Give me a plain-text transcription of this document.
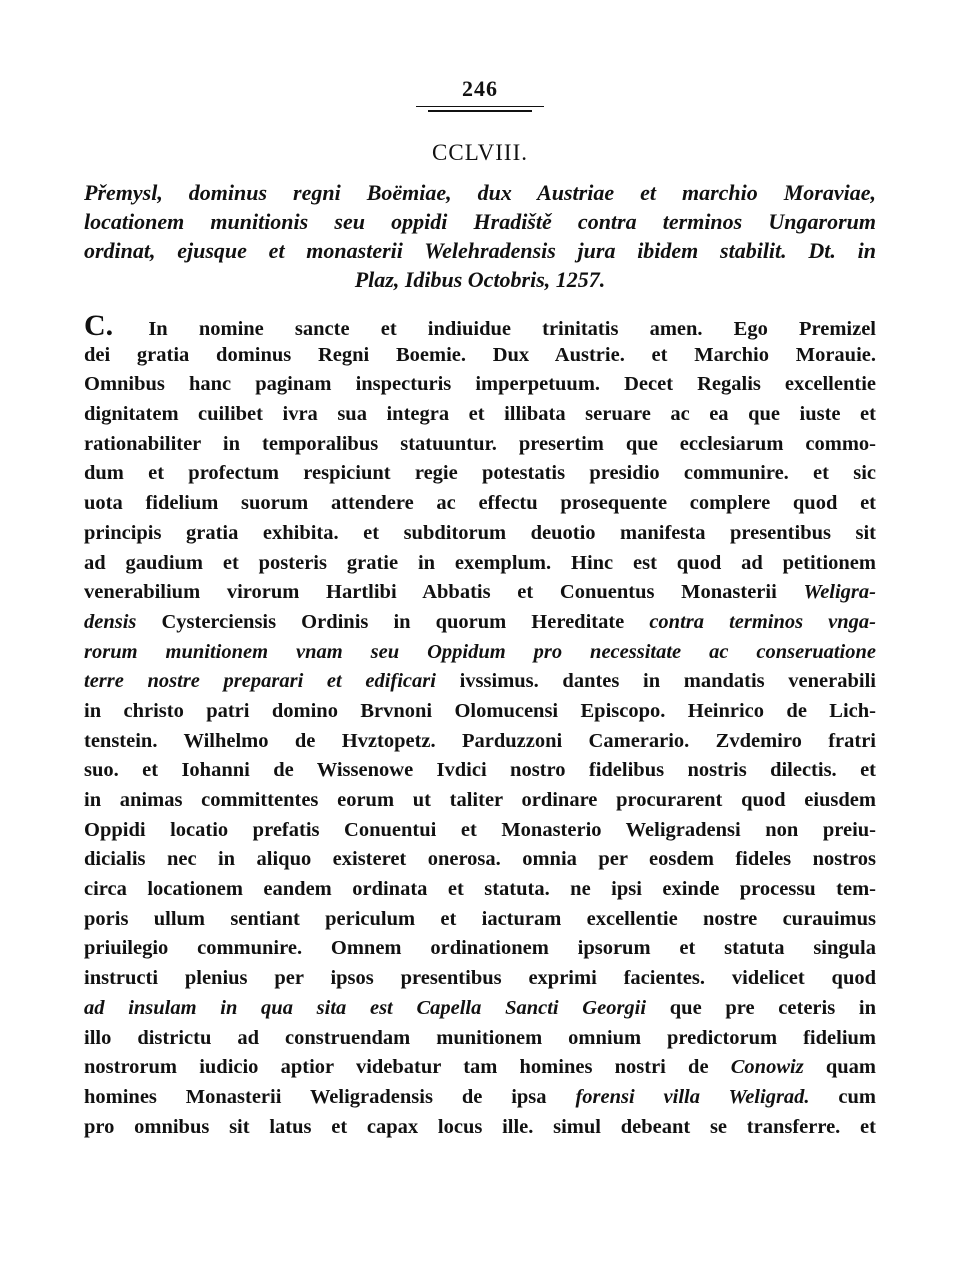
246
CCLVIII.
Přemysl, dominus regni Boëmiae, dux Austriae et marchio Moraviae,
locationem munitionis seu oppidi Hradiště contra terminos Ungarorum
ordinat, ejusque et monasterii Welehradensis jura ibidem stabilit. Dt. in
Plaz, Idibus Octobris, 1257.
C. In nomine sancte et indiuidue trinitatis amen. Ego Premizel
dei gratia dominus Regni Boemie. Dux Austrie. et Marchio Morauie.
Omnibus hanc paginam inspecturis imperpetuum. Decet Regalis excellentie
dignitatem cuilibet ivra sua integra et illibata seruare ac ea que iuste et
rationabiliter in temporalibus statuuntur. presertim que ecclesiarum commo-
dum et profectum respiciunt regie potestatis presidio communire. et sic
uota fidelium suorum attendere ac effectu prosequente complere quod et
principis gratia exhibita. et subditorum deuotio manifesta presentibus sit
ad gaudium et posteris gratie in exemplum. Hinc est quod ad petitionem
venerabilium virorum Hartlibi Abbatis et Conuentus Monasterii Weligra-
densis Cysterciensis Ordinis in quorum Hereditate contra terminos vnga-
rorum munitionem vnam seu Oppidum pro necessitate ac conseruatione
terre nostre preparari et edificari ivssimus. dantes in mandatis venerabili
in christo patri domino Brvnoni Olomucensi Episcopo. Heinrico de Lich-
tenstein. Wilhelmo de Hvztopetz. Parduzzoni Camerario. Zvdemiro fratri
suo. et Iohanni de Wissenowe Ivdici nostro fidelibus nostris dilectis. et
in animas committentes eorum ut taliter ordinare procurarent quod eiusdem
Oppidi locatio prefatis Conuentui et Monasterio Weligradensi non preiu-
dicialis nec in aliquo existeret onerosa. omnia per eosdem fideles nostros
circa locationem eandem ordinata et statuta. ne ipsi exinde processu tem-
poris ullum sentiant periculum et iacturam excellentie nostre curauimus
priuilegio communire. Omnem ordinationem ipsorum et statuta singula
instructi plenius per ipsos presentibus exprimi facientes. videlicet quod
ad insulam in qua sita est Capella Sancti Georgii que pre ceteris in
illo districtu ad construendam munitionem omnium predictorum fidelium
nostrorum iudicio aptior videbatur tam homines nostri de Conowiz quam
homines Monasterii Weligradensis de ipsa forensi villa Weligrad. cum
pro omnibus sit latus et capax locus ille. simul debeant se transferre. et
